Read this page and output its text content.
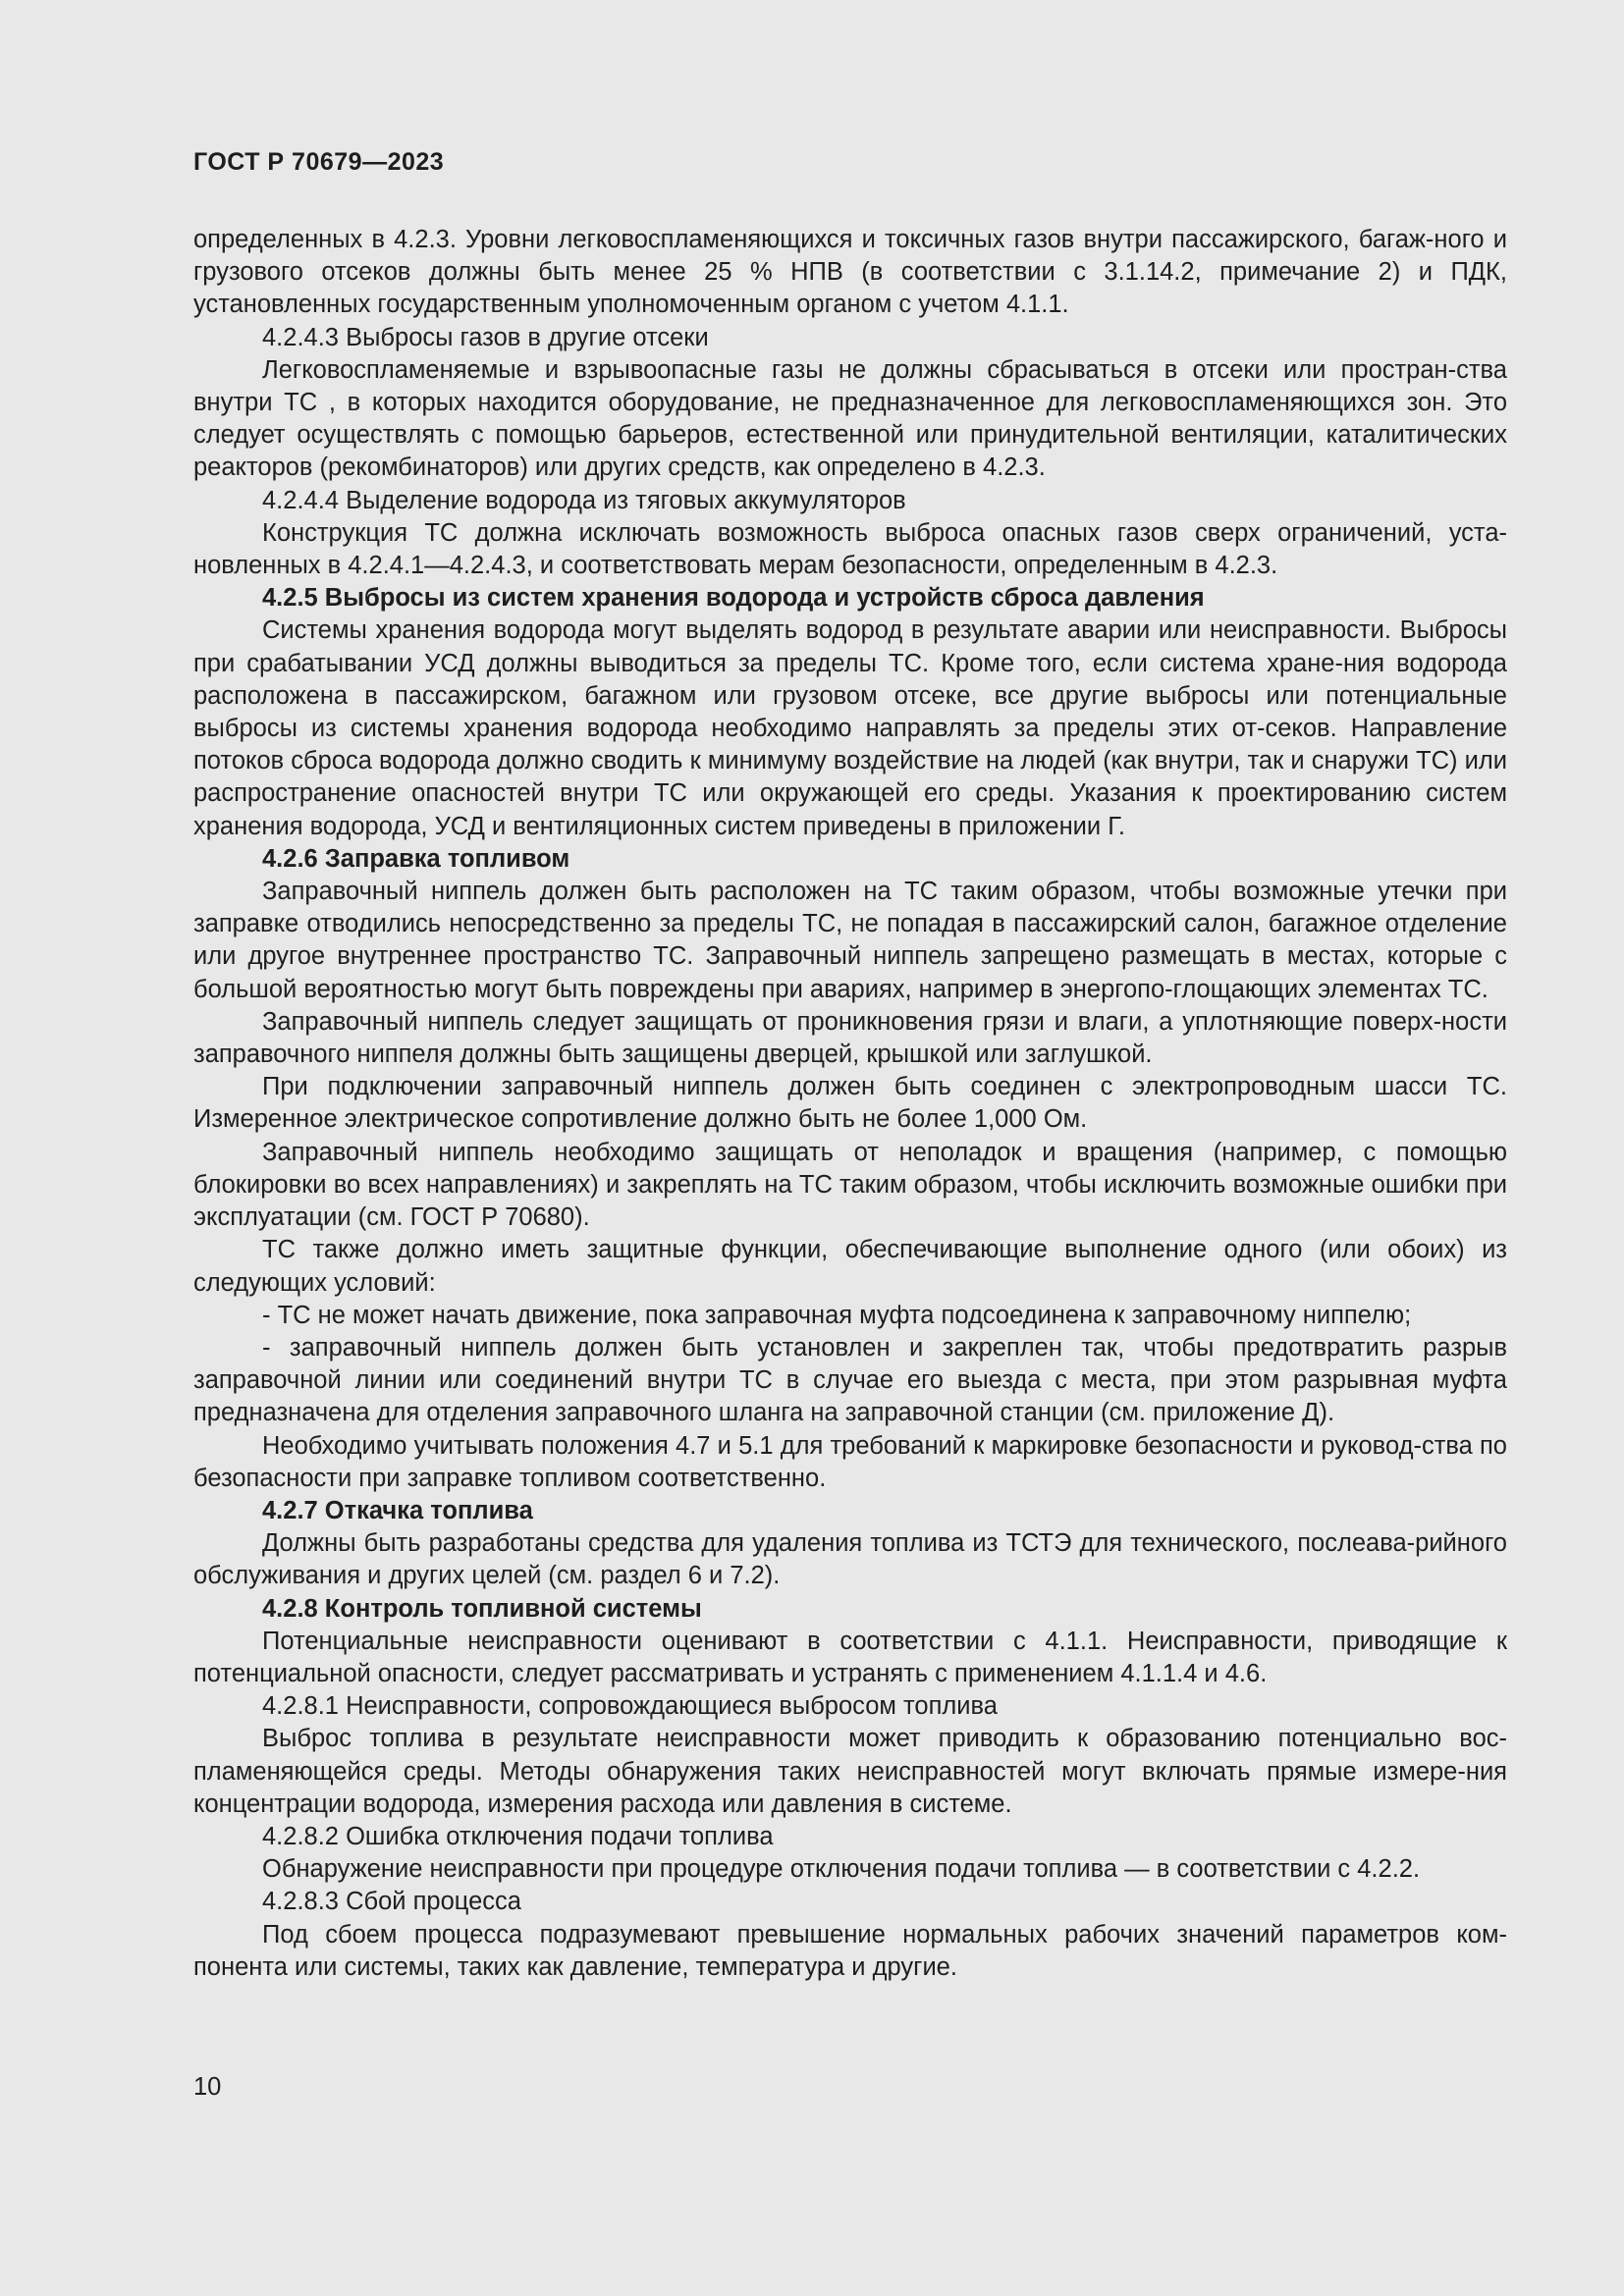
ГОСТ Р 70679—2023

определенных в 4.2.3. Уровни легковоспламеняющихся и токсичных газов внутри пассажирского, багаж-ного и грузового отсеков должны быть менее 25 % НПВ (в соответствии с 3.1.14.2, примечание 2) и ПДК, установленных государственным уполномоченным органом с учетом 4.1.1.

4.2.4.3 Выбросы газов в другие отсеки

Легковоспламеняемые и взрывоопасные газы не должны сбрасываться в отсеки или простран-ства внутри ТС , в которых находится оборудование, не предназначенное для легковоспламеняющихся зон. Это следует осуществлять с помощью барьеров, естественной или принудительной вентиляции, каталитических реакторов (рекомбинаторов) или других средств, как определено в 4.2.3.

4.2.4.4 Выделение водорода из тяговых аккумуляторов

Конструкция ТС должна исключать возможность выброса опасных газов сверх ограничений, уста-новленных в 4.2.4.1—4.2.4.3, и соответствовать мерам безопасности, определенным в 4.2.3.

4.2.5 Выбросы из систем хранения водорода и устройств сброса давления

Системы хранения водорода могут выделять водород в результате аварии или неисправности. Выбросы при срабатывании УСД должны выводиться за пределы ТС. Кроме того, если система хране-ния водорода расположена в пассажирском, багажном или грузовом отсеке, все другие выбросы или потенциальные выбросы из системы хранения водорода необходимо направлять за пределы этих от-секов. Направление потоков сброса водорода должно сводить к минимуму воздействие на людей (как внутри, так и снаружи ТС) или распространение опасностей внутри ТС или окружающей его среды. Указания к проектированию систем хранения водорода, УСД и вентиляционных систем приведены в приложении Г.

4.2.6 Заправка топливом

Заправочный ниппель должен быть расположен на ТС таким образом, чтобы возможные утечки при заправке отводились непосредственно за пределы ТС, не попадая в пассажирский салон, багажное отделение или другое внутреннее пространство ТС. Заправочный ниппель запрещено размещать в местах, которые с большой вероятностью могут быть повреждены при авариях, например в энергопо-глощающих элементах ТС.

Заправочный ниппель следует защищать от проникновения грязи и влаги, а уплотняющие поверх-ности заправочного ниппеля должны быть защищены дверцей, крышкой или заглушкой.

При подключении заправочный ниппель должен быть соединен с электропроводным шасси ТС. Измеренное электрическое сопротивление должно быть не более 1,000 Ом.

Заправочный ниппель необходимо защищать от неполадок и вращения (например, с помощью блокировки во всех направлениях) и закреплять на ТС таким образом, чтобы исключить возможные ошибки при эксплуатации (см. ГОСТ Р 70680).

ТС также должно иметь защитные функции, обеспечивающие выполнение одного (или обоих) из следующих условий:

- ТС не может начать движение, пока заправочная муфта подсоединена к заправочному ниппелю;

- заправочный ниппель должен быть установлен и закреплен так, чтобы предотвратить разрыв заправочной линии или соединений внутри ТС в случае его выезда с места, при этом разрывная муфта предназначена для отделения заправочного шланга на заправочной станции (см. приложение Д).

Необходимо учитывать положения 4.7 и 5.1 для требований к маркировке безопасности и руковод-ства по безопасности при заправке топливом соответственно.

4.2.7 Откачка топлива

Должны быть разработаны средства для удаления топлива из ТСТЭ для технического, послеава-рийного обслуживания и других целей (см. раздел 6 и 7.2).

4.2.8 Контроль топливной системы

Потенциальные неисправности оценивают в соответствии с 4.1.1. Неисправности, приводящие к потенциальной опасности, следует рассматривать и устранять с применением 4.1.1.4 и 4.6.

4.2.8.1 Неисправности, сопровождающиеся выбросом топлива

Выброс топлива в результате неисправности может приводить к образованию потенциально вос-пламеняющейся среды. Методы обнаружения таких неисправностей могут включать прямые измере-ния концентрации водорода, измерения расхода или давления в системе.

4.2.8.2 Ошибка отключения подачи топлива

Обнаружение неисправности при процедуре отключения подачи топлива — в соответствии с 4.2.2.

4.2.8.3 Сбой процесса

Под сбоем процесса подразумевают превышение нормальных рабочих значений параметров ком-понента или системы, таких как давление, температура и другие.

10
